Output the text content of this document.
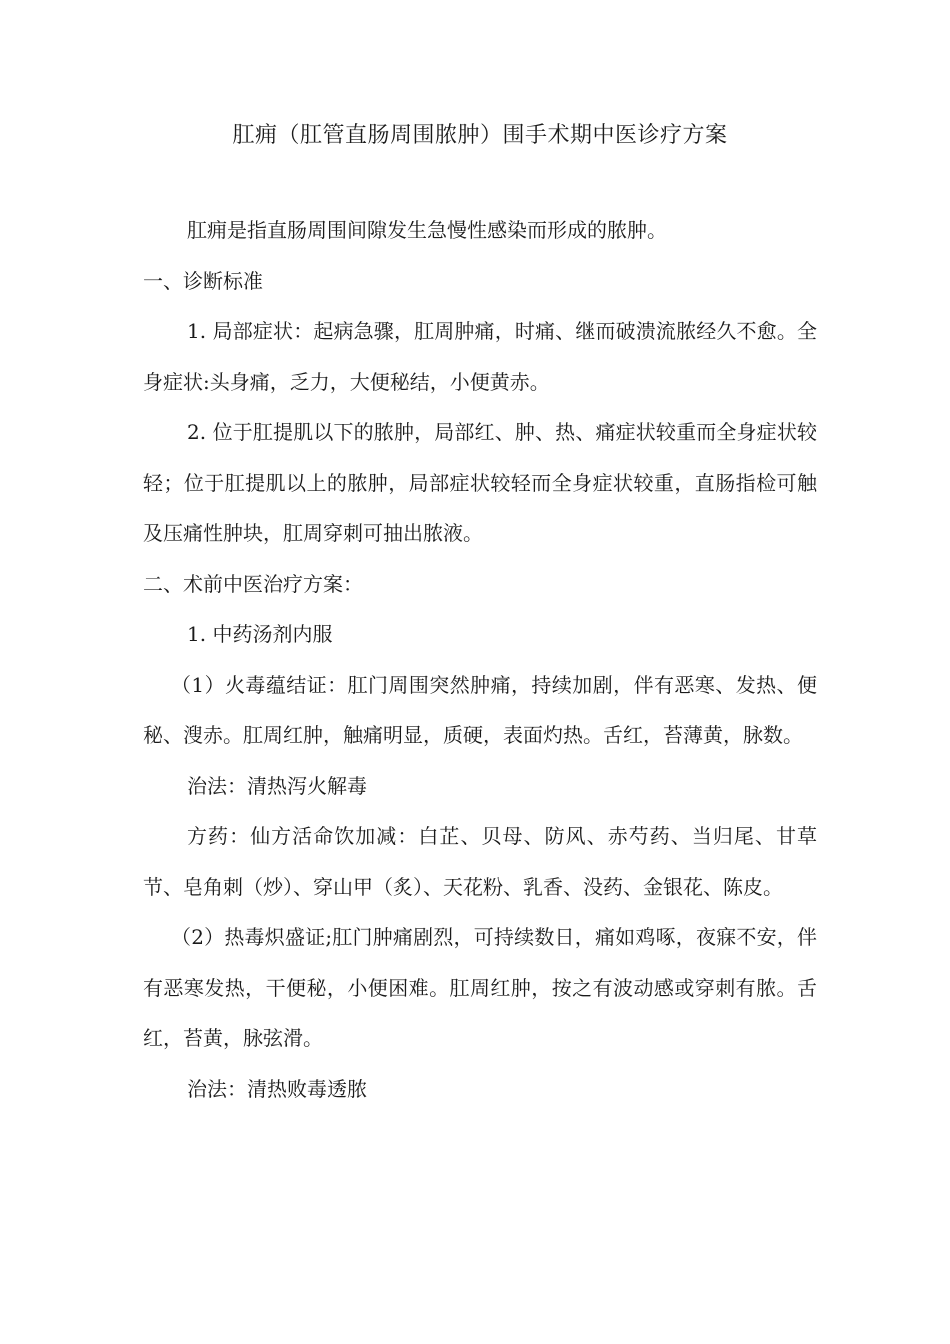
肛痈（肛管直肠周围脓肿）围手术期中医诊疗方案

肛痈是指直肠周围间隙发生急慢性感染而形成的脓肿。

一、诊断标准

1. 局部症状：起病急骤，肛周肿痛，时痛、继而破溃流脓经久不愈。全身症状:头身痛，乏力，大便秘结，小便黄赤。

2. 位于肛提肌以下的脓肿，局部红、肿、热、痛症状较重而全身症状较轻；位于肛提肌以上的脓肿，局部症状较轻而全身症状较重，直肠指检可触及压痛性肿块，肛周穿刺可抽出脓液。

二、术前中医治疗方案：

1. 中药汤剂内服

（1）火毒蕴结证：肛门周围突然肿痛，持续加剧，伴有恶寒、发热、便秘、溲赤。肛周红肿，触痛明显，质硬，表面灼热。舌红，苔薄黄，脉数。

治法：清热泻火解毒

方药：仙方活命饮加减：白芷、贝母、防风、赤芍药、当归尾、甘草节、皂角刺（炒）、穿山甲（炙）、天花粉、乳香、没药、金银花、陈皮。

（2）热毒炽盛证;肛门肿痛剧烈，可持续数日，痛如鸡啄，夜寐不安，伴有恶寒发热，干便秘，小便困难。肛周红肿，按之有波动感或穿刺有脓。舌红，苔黄，脉弦滑。

治法：清热败毒透脓
